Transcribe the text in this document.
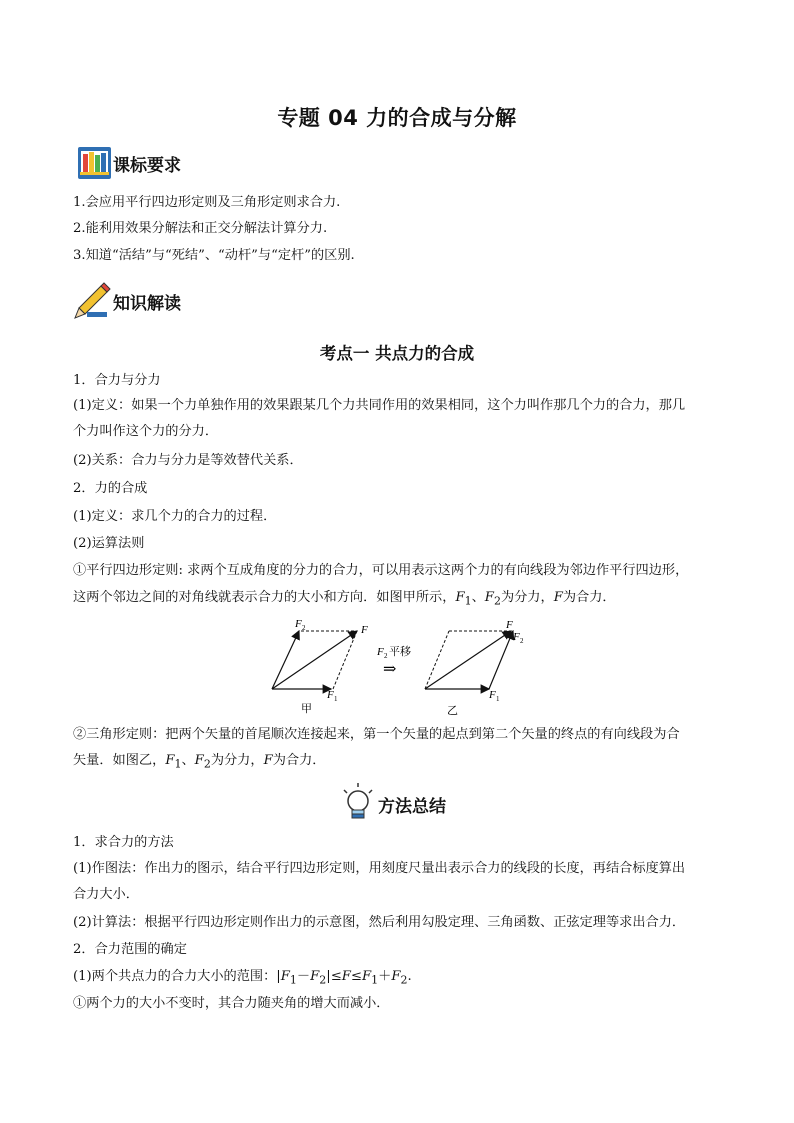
专题 04 力的合成与分解
课标要求
1.会应用平行四边形定则及三角形定则求合力.
2.能利用效果分解法和正交分解法计算分力.
3.知道“活结”与“死结”、“动杆”与“定杆”的区别.
知识解读
考点一 共点力的合成
1．合力与分力
(1)定义：如果一个力单独作用的效果跟某几个力共同作用的效果相同，这个力叫作那几个力的合力，那几
个力叫作这个力的分力．
(2)关系：合力与分力是等效替代关系．
2．力的合成
(1)定义：求几个力的合力的过程．
(2)运算法则
①平行四边形定则: 求两个互成角度的分力的合力，可以用表示这两个力的有向线段为邻边作平行四边形，
这两个邻边之间的对角线就表示合力的大小和方向．如图甲所示，$F_1$、$F_2$为分力，F为合力．
F 2	F
F 1
甲
F 2 平移
⇒
F
F 2
F 1
乙
②三角形定则：把两个矢量的首尾顺次连接起来，第一个矢量的起点到第二个矢量的终点的有向线段为合
矢量．如图乙，$F_1$、$F_2$为分力，F为合力．
方法总结
1．求合力的方法
(1)作图法：作出力的图示，结合平行四边形定则，用刻度尺量出表示合力的线段的长度，再结合标度算出
合力大小．
(2)计算法：根据平行四边形定则作出力的示意图，然后利用勾股定理、三角函数、正弦定理等求出合力．
2．合力范围的确定
(1)两个共点力的合力大小的范围：$|F_1-F_2|\le F\le F_1+F_2$.
①两个力的大小不变时，其合力随夹角的增大而减小．
